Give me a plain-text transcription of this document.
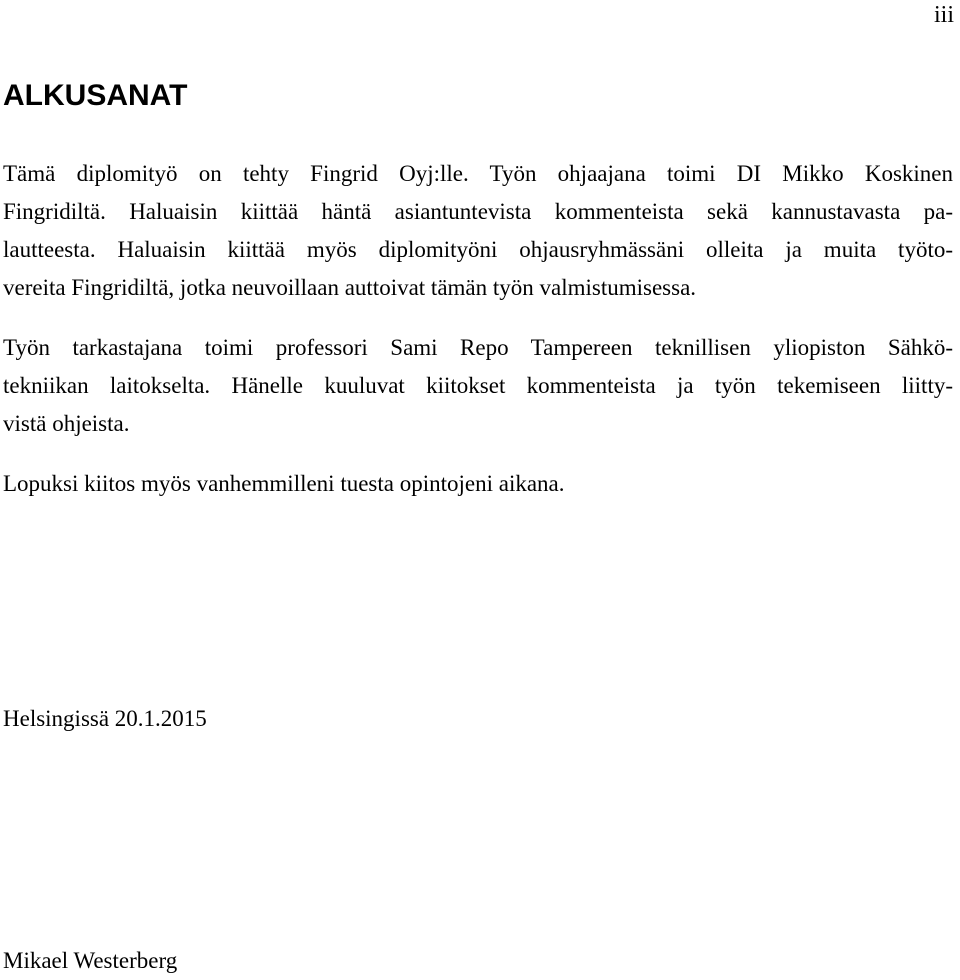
iii
ALKUSANAT

Tämä diplomityö on tehty Fingrid Oyj:lle. Työn ohjaajana toimi DI Mikko Koskinen
Fingridiltä. Haluaisin kiittää häntä asiantuntevista kommenteista sekä kannustavasta pa-
lautteesta. Haluaisin kiittää myös diplomityöni ohjausryhmässäni olleita ja muita työto-
vereita Fingridiltä, jotka neuvoillaan auttoivat tämän työn valmistumisessa.

Työn tarkastajana toimi professori Sami Repo Tampereen teknillisen yliopiston Sähkö-
tekniikan laitokselta. Hänelle kuuluvat kiitokset kommenteista ja työn tekemiseen liitty-
vistä ohjeista.

Lopuksi kiitos myös vanhemmilleni tuesta opintojeni aikana.

Helsingissä 20.1.2015

Mikael Westerberg
